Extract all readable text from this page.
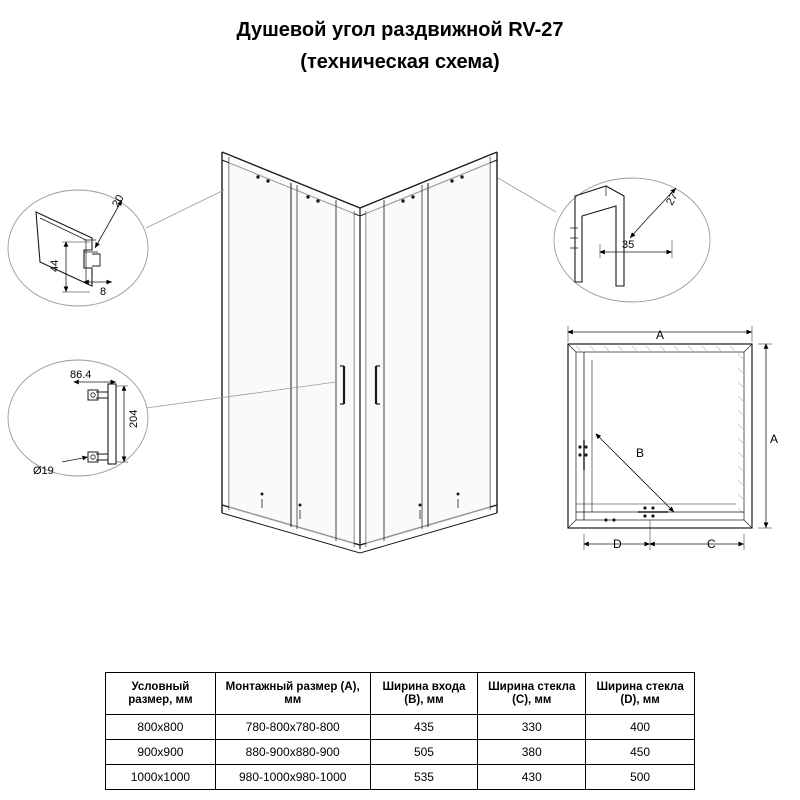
Душевой угол раздвижной RV-27
(техническая схема)
20
44
8
86.4
204
Ø19
27
35
A
A
B
D	C
Условный размер, мм	Монтажный размер (A), мм	Ширина входа (B), мм	Ширина стекла (C), мм	Ширина стекла (D), мм
800x800	780-800x780-800	435	330	400
900x900	880-900x880-900	505	380	450
1000x1000	980-1000x980-1000	535	430	500
